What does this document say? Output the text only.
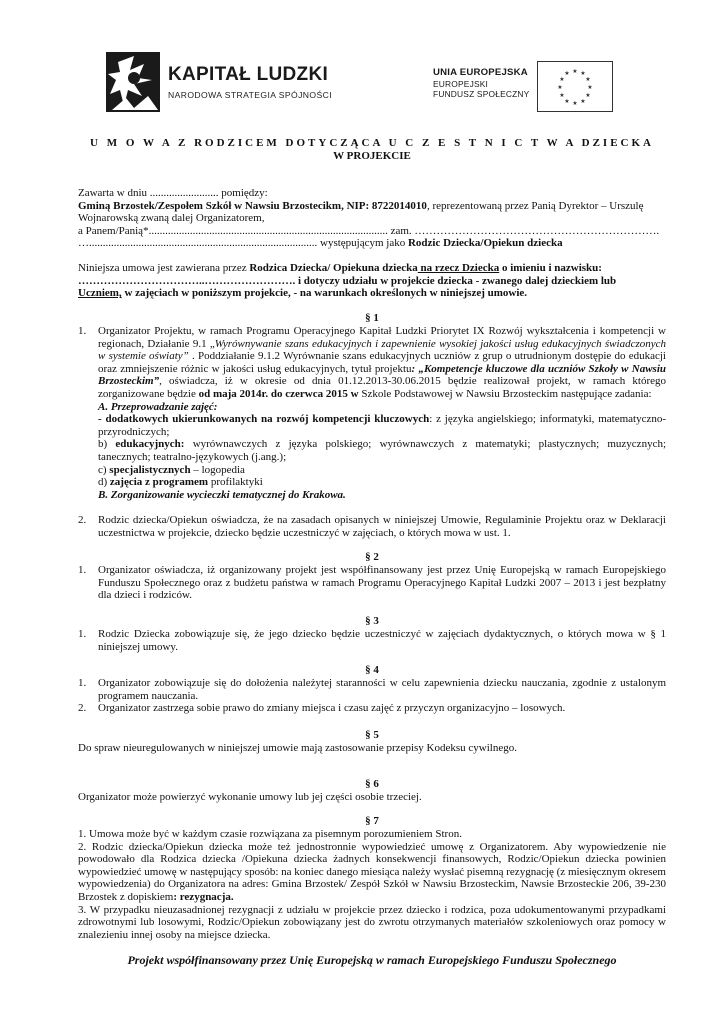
KAPITAŁ LUDZKI
NARODOWA STRATEGIA SPÓJNOŚCI
UNIA EUROPEJSKA
EUROPEJSKI
FUNDUSZ SPOŁECZNY
★ ★
★
★
★
★
★
★
★
★
★
★
U M O W A Z RODZICEM DOTYCZĄCA U C Z E S T N I C T W A DZIECKA
W PROJEKCIE
Zawarta w dniu ......................... pomiędzy:
Gminą Brzostek/Zespołem Szkół w Nawsiu Brzostecikm, NIP: 8722014010, reprezentowaną przez Panią Dyrektor – Urszulę
Wojnarowską zwaną dalej Organizatorem,
a Panem/Panią*....................................................................................... zam. ………………………………………………………….
…................................................................................... występującym jako Rodzic Dziecka/Opiekun dziecka
Niniejsza umowa jest zawierana przez Rodzica Dziecka/ Opiekuna dziecka na rzecz Dziecka o imieniu i nazwisku:
……………………………..……………………. i dotyczy udziału w projekcie dziecka - zwanego dalej dzieckiem lub
Uczniem, w zajęciach w poniższym projekcie, - na warunkach określonych w niniejszej umowie.
§ 1
1. Organizator Projektu, w ramach Programu Operacyjnego Kapitał Ludzki Priorytet IX Rozwój wykształcenia i kompetencji w regionach, Działanie 9.1 „Wyrównywanie szans edukacyjnych i zapewnienie wysokiej jakości usług edukacyjnych świadczonych w systemie oświaty” . Poddziałanie 9.1.2 Wyrównanie szans edukacyjnych uczniów z grup o utrudnionym dostępie do edukacji oraz zmniejszenie różnic w jakości usług edukacyjnych, tytuł projektu: „Kompetencje kluczowe dla uczniów Szkoły w Nawsiu Brzosteckim”, oświadcza, iż w okresie od dnia 01.12.2013-30.06.2015 będzie realizował projekt, w ramach którego zorganizowane będzie od maja 2014r. do czerwca 2015 w Szkole Podstawowej w Nawsiu Brzosteckim następujące zadania:
A. Przeprowadzanie zajęć:
- dodatkowych ukierunkowanych na rozwój kompetencji kluczowych: z języka angielskiego; informatyki, matematyczno-przyrodniczych;
b) edukacyjnych: wyrównawczych z języka polskiego; wyrównawczych z matematyki; plastycznych; muzycznych; tanecznych; teatralno-językowych (j.ang.);
c) specjalistycznych – logopedia
d) zajęcia z programem profilaktyki
B. Zorganizowanie wycieczki tematycznej do Krakowa.
2. Rodzic dziecka/Opiekun oświadcza, że na zasadach opisanych w niniejszej Umowie, Regulaminie Projektu oraz w Deklaracji uczestnictwa w projekcie, dziecko będzie uczestniczyć w zajęciach, o których mowa w ust. 1.
§ 2
1. Organizator oświadcza, iż organizowany projekt jest współfinansowany jest przez Unię Europejską w ramach Europejskiego Funduszu Społecznego oraz z budżetu państwa w ramach Programu Operacyjnego Kapitał Ludzki 2007 – 2013 i jest bezpłatny dla dzieci i rodziców.
§ 3
1. Rodzic Dziecka zobowiązuje się, że jego dziecko będzie uczestniczyć w zajęciach dydaktycznych, o których mowa w § 1 niniejszej umowy.
§ 4
1. Organizator zobowiązuje się do dołożenia należytej staranności w celu zapewnienia dziecku nauczania, zgodnie z ustalonym programem nauczania.
2. Organizator zastrzega sobie prawo do zmiany miejsca i czasu zajęć z przyczyn organizacyjno – losowych.
§ 5
Do spraw nieuregulowanych w niniejszej umowie mają zastosowanie przepisy Kodeksu cywilnego.
§ 6
Organizator może powierzyć wykonanie umowy lub jej części osobie trzeciej.
§ 7
1. Umowa może być w każdym czasie rozwiązana za pisemnym porozumieniem Stron.
2. Rodzic dziecka/Opiekun dziecka może też jednostronnie wypowiedzieć umowę z Organizatorem. Aby wypowiedzenie nie powodowało dla Rodzica dziecka /Opiekuna dziecka żadnych konsekwencji finansowych, Rodzic/Opiekun dziecka powinien wypowiedzieć umowę w następujący sposób: na koniec danego miesiąca należy wysłać pisemną rezygnację (z miesięcznym okresem wypowiedzenia) do Organizatora na adres: Gmina Brzostek/ Zespół Szkół w Nawsiu Brzosteckim, Nawsie Brzosteckie 206, 39-230 Brzostek z dopiskiem: rezygnacja.
3. W przypadku nieuzasadnionej rezygnacji z udziału w projekcie przez dziecko i rodzica, poza udokumentowanymi przypadkami zdrowotnymi lub losowymi, Rodzic/Opiekun zobowiązany jest do zwrotu otrzymanych materiałów szkoleniowych oraz pomocy w znalezieniu innej osoby na miejsce dziecka.
Projekt współfinansowany przez Unię Europejską w ramach Europejskiego Funduszu Społecznego
